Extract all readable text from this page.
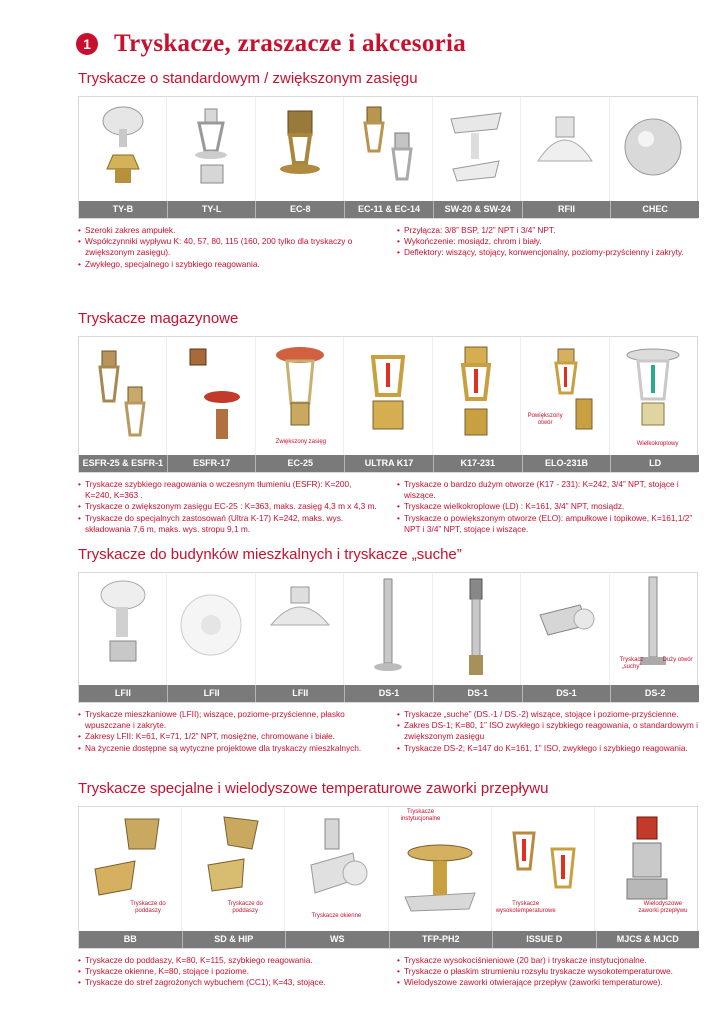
1 Tryskacze, zraszacze i akcesoria
Tryskacze o standardowym / zwiększonym zasięgu
TY-B	TY-L	EC-8	EC-11 & EC-14	SW-20 & SW-24	RFII	CHEC

• Szeroki zakres ampułek.

• Współczynniki wypływu K: 40, 57, 80, 115 (160, 200 tylko dla tryskaczy o zwiększonym zasięgu).

• Zwykłego, specjalnego i szybkiego reagowania.

• Przyłącza: 3/8” BSP, 1/2” NPT i 3/4” NPT.

• Wykończenie: mosiądz, chrom i biały.

• Deflektory: wiszący, stojący, konwencjonalny, poziomy-przyścienny i zakryty.

Tryskacze magazynowe
Zwiększony zasięg
Powiększony otwór
Wielkokroplowy
ESFR-25 & ESFR-1	ESFR-17	EC-25	ULTRA K17	K17-231	ELO-231B	LD

• Tryskacze szybkiego reagowania o wczesnym tłumieniu (ESFR): K=200, K=240, K=363 .

• Tryskacze o zwiększonym zasięgu EC-25 : K=363, maks. zasięg 4,3 m x 4,3 m.

• Tryskacze do specjalnych zastosowań (Ultra K-17) K=242, maks. wys. składowania 7,6 m, maks. wys. stropu 9,1 m.

• Tryskacze o bardzo dużym otworze (K17 - 231): K=242, 3/4” NPT, stojące i wiszące.

• Tryskacze wielkokroplowe (LD) : K=161, 3/4” NPT, mosiądz.

• Tryskacze o powiększonym otworze (ELO): ampułkowe i topikowe, K=161,1/2” NPT i 3/4” NPT, stojące i wiszące.

Tryskacze do budynków mieszkalnych i tryskacze „suche”
Tryskacz „suchy”
Duży otwór
LFII	LFII	LFII	DS-1	DS-1	DS-1	DS-2

• Tryskacze mieszkaniowe (LFII); wiszące, poziome-przyścienne, płasko wpuszczane i zakryte.

• Zakresy LFII: K=61, K=71, 1/2” NPT, mosiężne, chromowane i białe.

• Na życzenie dostępne są wytyczne projektowe dla tryskaczy mieszkalnych.

• Tryskacze „suche” (DS.-1 / DS.-2) wiszące, stojące i poziome-przyścienne.

• Zakres DS-1; K=80, 1” ISO zwykłego i szybkiego reagowania, o standardowym i zwiększonym zasięgu

• Tryskacze DS-2; K=147 do K=161, 1” ISO, zwykłego i szybkiego reagowania.

Tryskacze specjalne i wielodyszowe temperaturowe zaworki przepływu
Tryskacze do poddaszy
Tryskacze do poddaszy
Tryskacze okienne
Tryskacze instytucjonalne
Tryskacze wysokotemperaturowe
Wielodyszowe zaworki przepływu
BB	SD & HIP	WS	TFP-PH2	ISSUE D	MJCS & MJCD

• Tryskacze do poddaszy, K=80, K=115, szybkiego reagowania.

• Tryskacze okienne, K=80, stojące i poziome.

• Tryskacze do stref zagrożonych wybuchem (CC1); K=43, stojące.

• Tryskacze wysokociśnieniowe (20 bar) i tryskacze instytucjonalne.

• Tryskacze o płaskim strumieniu rozsyłu tryskacze wysokotemperaturowe.

• Wielodyszowe zaworki otwierające przepływ (zaworki temperaturowe).
